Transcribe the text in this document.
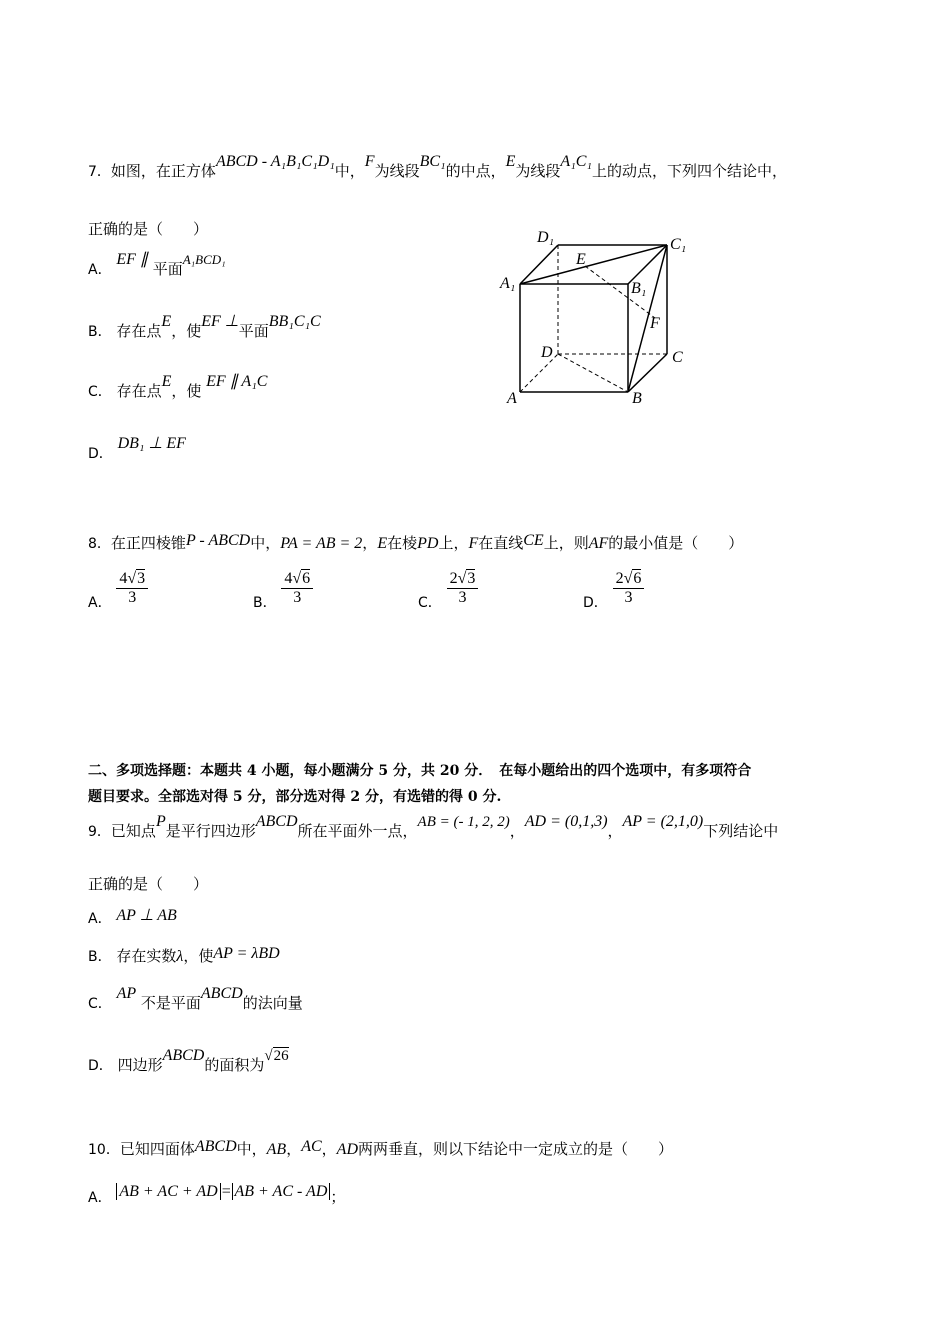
7．如图，在正方体ABCD - A₁B₁C₁D₁中，F为线段BC₁的中点，E为线段A₁C₁上的动点，下列四个结论中，
正确的是（　　）
A． EF ∥ 平面A₁BCD₁
B． 存在点E，使EF ⊥平面BB₁C₁C
C． 存在点E，使 EF ∥ A₁C
D． DB₁ ⊥ EF
D₁	C₁
A₁	B₁
E
F
D	C
A	B
8．在正四棱锥P - ABCD中，PA = AB = 2，E在棱PD上，F在直线CE上，则AF的最小值是（　　）
A． $\frac{4√3}{3}$	B． $\frac{4√6}{3}$	C． $\frac{2√3}{3}$	D． $\frac{2√6}{3}$
二、多项选择题：本题共 4 小题，每小题满分 5 分，共 20 分．　在每小题给出的四个选项中，有多项符合
题目要求。全部选对得 5 分，部分选对得 2 分，有选错的得 0 分.
9．已知点P是平行四边形ABCD所在平面外一点，AB = (- 1, 2, 2)，AD = (0,1,3)，AP = (2,1,0)下列结论中
正确的是（　　）
A． AP ⊥ AB
B． 存在实数λ，使AP = λBD
C． AP 不是平面ABCD的法向量
D． 四边形ABCD的面积为√26
10．已知四面体ABCD中，AB，AC，AD两两垂直，则以下结论中一定成立的是（　　）
A． AB + AC + AD = AB + AC - AD ；
